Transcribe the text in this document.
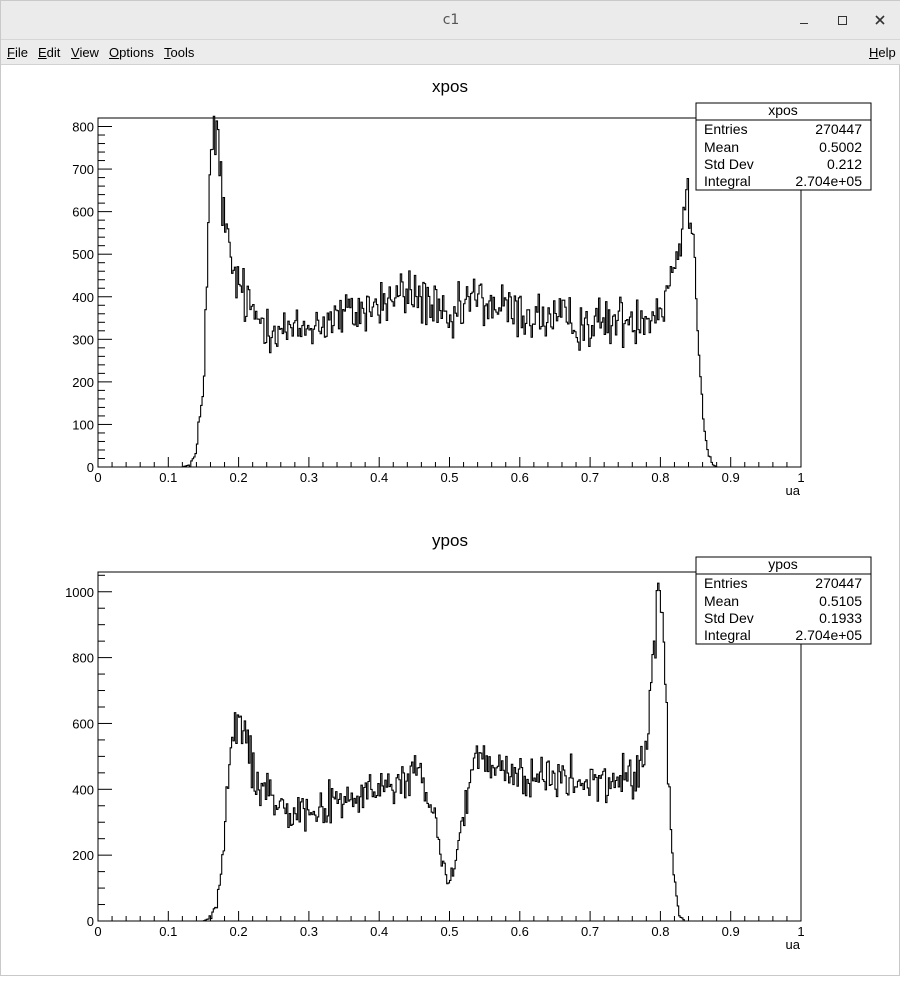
c1
File Edit View Options Tools	Help
xpos
0	0.1	0.2	0.3	0.4	0.5	0.6	0.7	0.8	0.9	1
0
100
200
300
400
500
600
700
800
ua
xpos
Entries	270447
Mean	0.5002
Std Dev	0.212
Integral	2.704e+05
ypos
0	0.1	0.2	0.3	0.4	0.5	0.6	0.7	0.8	0.9	1
0
200
400
600
800
1000
ua
ypos
Entries	270447
Mean	0.5105
Std Dev	0.1933
Integral	2.704e+05
